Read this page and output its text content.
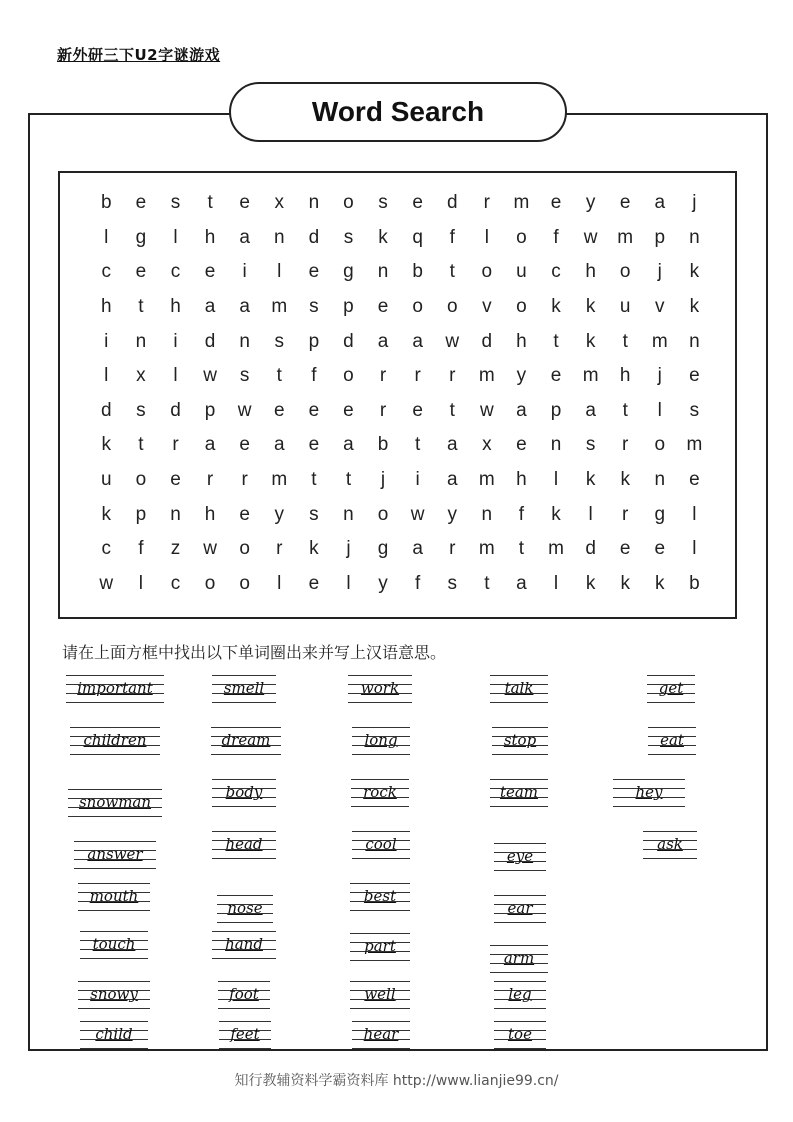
新外研三下U2字谜游戏
Word Search
b	e	s	t	e	x	n	o	s	e	d	r	m	e	y	e	a	j
l	g	l	h	a	n	d	s	k	q	f	l	o	f	w	m	p	n
c	e	c	e	i	l	e	g	n	b	t	o	u	c	h	o	j	k
h	t	h	a	a	m	s	p	e	o	o	v	o	k	k	u	v	k
i	n	i	d	n	s	p	d	a	a	w	d	h	t	k	t	m	n
l	x	l	w	s	t	f	o	r	r	r	m	y	e	m	h	j	e
d	s	d	p	w	e	e	e	r	e	t	w	a	p	a	t	l	s
k	t	r	a	e	a	e	a	b	t	a	x	e	n	s	r	o	m
u	o	e	r	r	m	t	t	j	i	a	m	h	l	k	k	n	e
k	p	n	h	e	y	s	n	o	w	y	n	f	k	l	r	g	l
c	f	z	w	o	r	k	j	g	a	r	m	t	m	d	e	e	l
w	l	c	o	o	l	e	l	y	f	s	t	a	l	k	k	k	b
请在上面方框中找出以下单词圈出来并写上汉语意思。
important	smell	work	talk	get
children	dream	long	stop	eat
snowman
body	rock	team	hey
answer
head	cool
eye
ask
mouth
nose
best
ear
touch	hand	part
arm
snowy	foot	well	leg
child	feet	hear	toe
知行教辅资料学霸资料库 http://www.lianjie99.cn/
